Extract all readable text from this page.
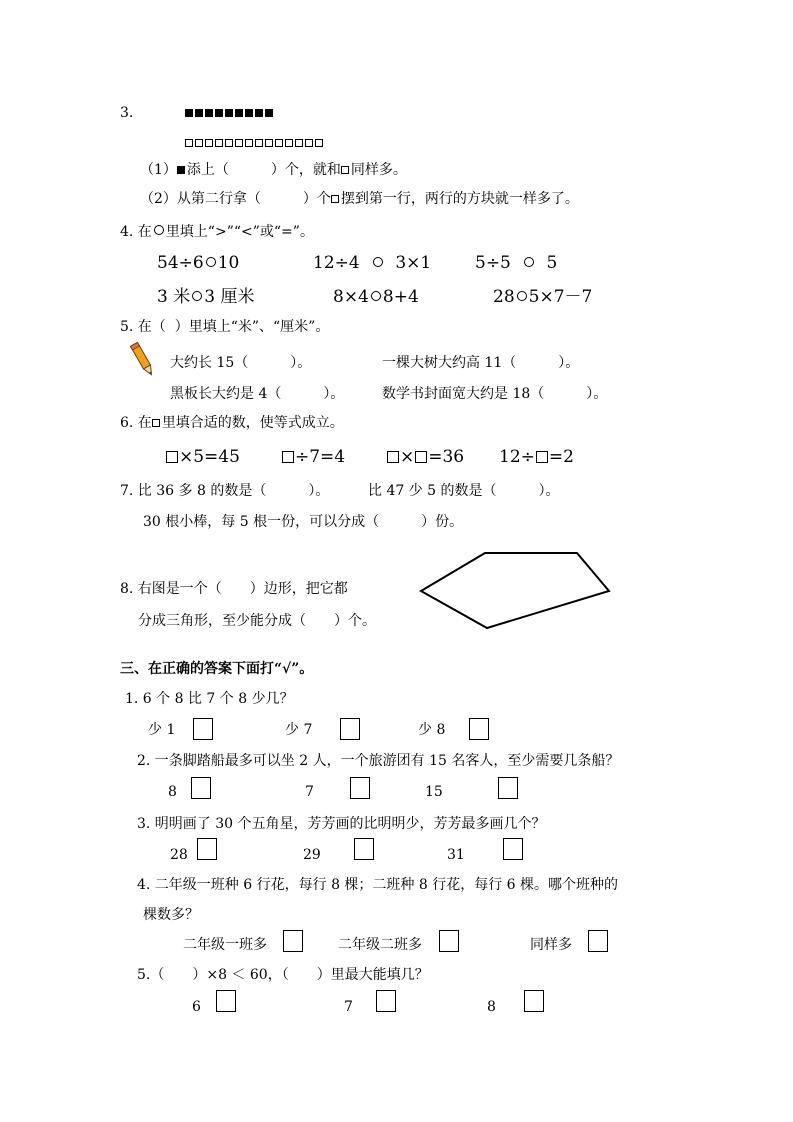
3.
（1） 添上（　　　）个，就和 同样多。
（2）从第二行拿（　　　）个 摆到第一行，两行的方块就一样多了。
4. 在 里填上“>”“<”或“=”。
54÷6 10	12÷4 3×1	5÷5 5
3 米 3 厘米	8×4 8+4	28 5×7－7
5. 在（  ）里填上“米”、“厘米”。
大约长 15（　　　）。	一棵大树大约高 11（　　　）。
黑板长大约是 4（　　　）。	数学书封面宽大约是 18（　　　）。
6. 在 里填合适的数，使等式成立。
×5=45	÷7=4	× =36 12÷ =2
7. 比 36 多 8 的数是（　　　）。	比 47 少 5 的数是（　　　）。
30 根小棒，每 5 根一份，可以分成（　　　）份。
8. 右图是一个（　　）边形，把它都
分成三角形，至少能分成（　　）个。
三、在正确的答案下面打“√”。
1. 6 个 8 比 7 个 8 少几？
少 1	少 7	少 8
2. 一条脚踏船最多可以坐 2 人，一个旅游团有 15 名客人，至少需要几条船？
8	7	15
3. 明明画了 30 个五角星，芳芳画的比明明少，芳芳最多画几个？
28	29	31
4. 二年级一班种 6 行花，每行 8 棵；二班种 8 行花，每行 6 棵。哪个班种的
棵数多？
二年级一班多	二年级二班多	同样多
5.（　　）×8 ＜ 60，（　　）里最大能填几？
6	7	8
